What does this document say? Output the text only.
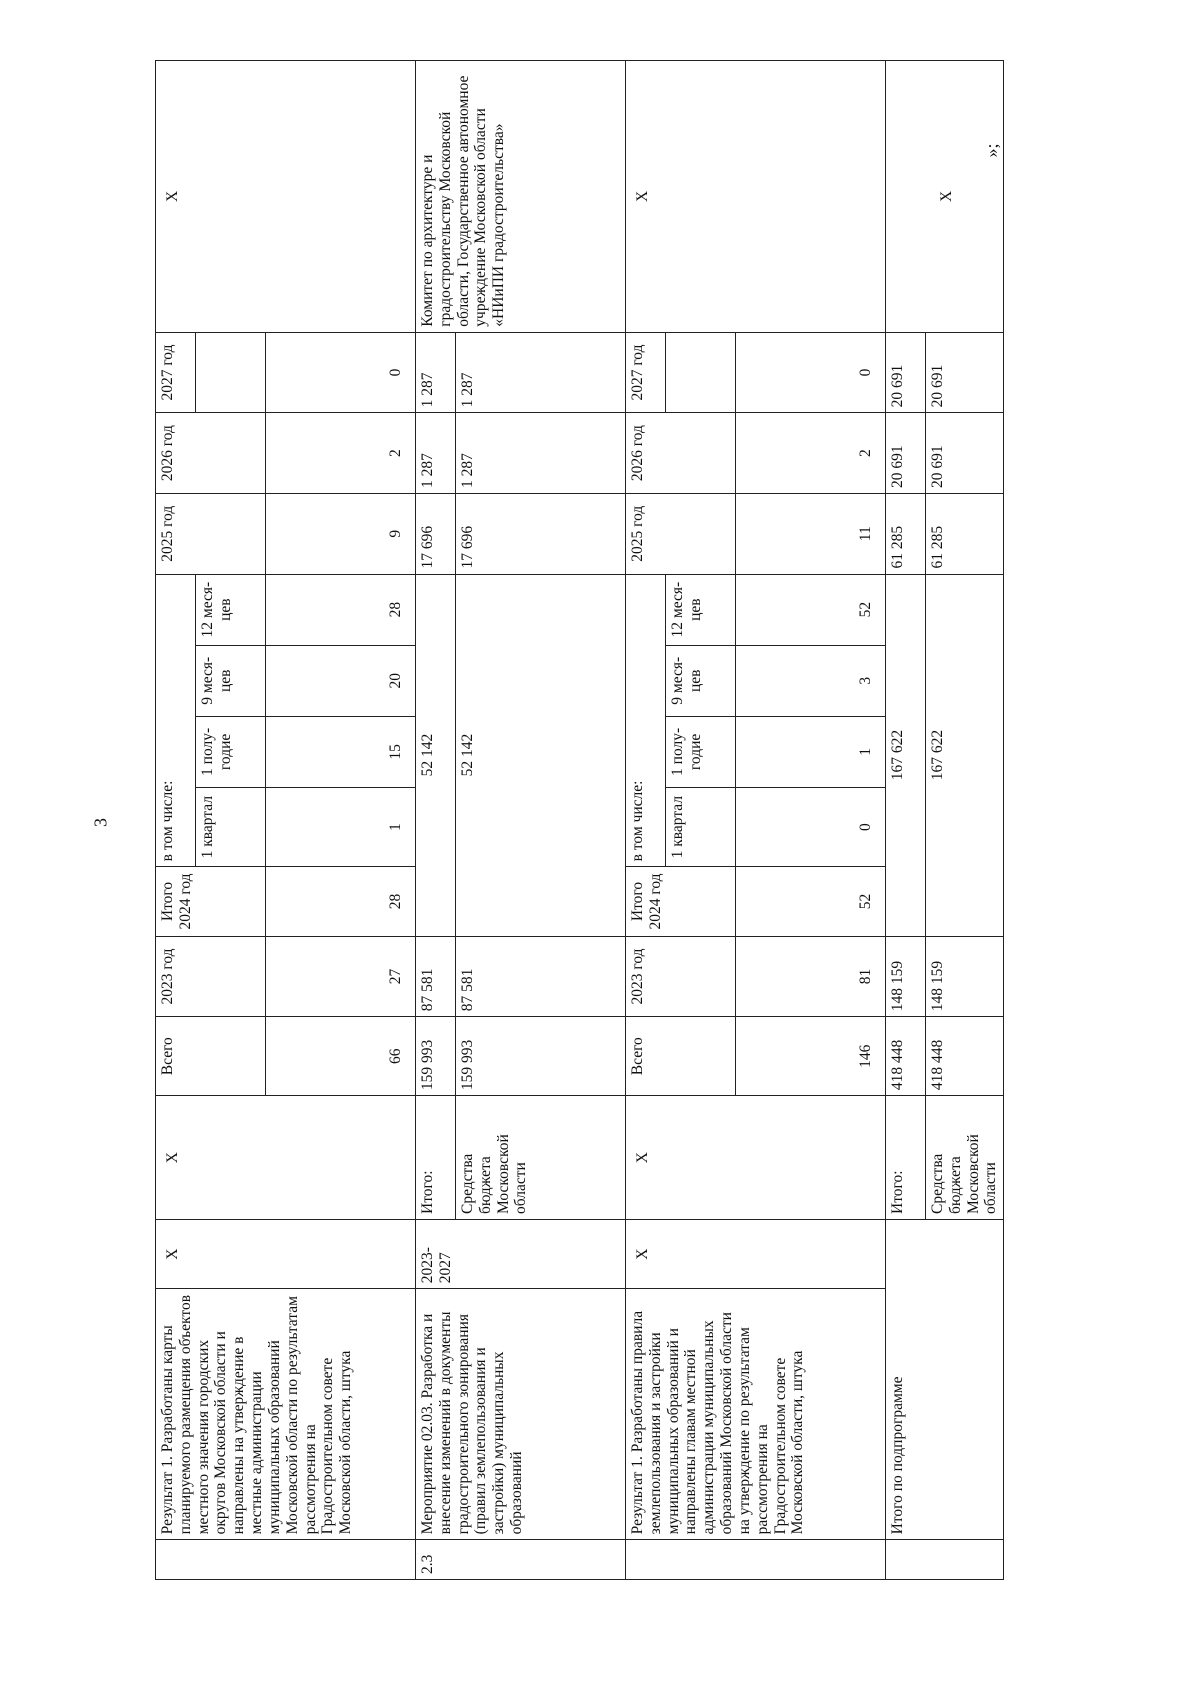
3
»;
	Результат 1. Разработаны карты планируемого размещения объектов местного значения городских округов Московской области и направлены на утверждение в местные администрации муниципальных образований Московской области по результатам рассмотрения на Градостроительном совете Московской области, штука	X	X	Всего	2023 год	Итого 2024 год	в том числе:				2025 год	2026 год	2027 год	X
							1 квартал	1 полу-годие	9 меся-цев	12 меся-цев				
				66	27	28	1	15	20	28	9	2	0	
2.3	Мероприятие 02.03. Разработка и внесение изменений в документы градостроительного зонирования (правил землепользования и застройки) муниципальных образований	2023-2027	Итого:	159 993	87 581	52 142					17 696	1 287	1 287	Комитет по архитектуре и градостроительству Московской области, Государственное автономное учреждение Московской области «НИиПИ градостроительства»
			Средства бюджета Московской области	159 993	87 581	52 142					17 696	1 287	1 287	
	Результат 1. Разработаны правила землепользования и застройки муниципальных образований и направлены главам местной администрации муниципальных образований Московской области на утверждение по результатам рассмотрения на Градостроительном совете Московской области, штука	X	X	Всего	2023 год	Итого 2024 год	в том числе:				2025 год	2026 год	2027 год	X
							1 квартал	1 полу-годие	9 меся-цев	12 меся-цев				
				146	81	52	0	1	3	52	11	2	0	
	Итого по подпрограмме		Итого:	418 448	148 159	167 622					61 285	20 691	20 691	X
			Средства бюджета Московской области	418 448	148 159	167 622					61 285	20 691	20 691	
